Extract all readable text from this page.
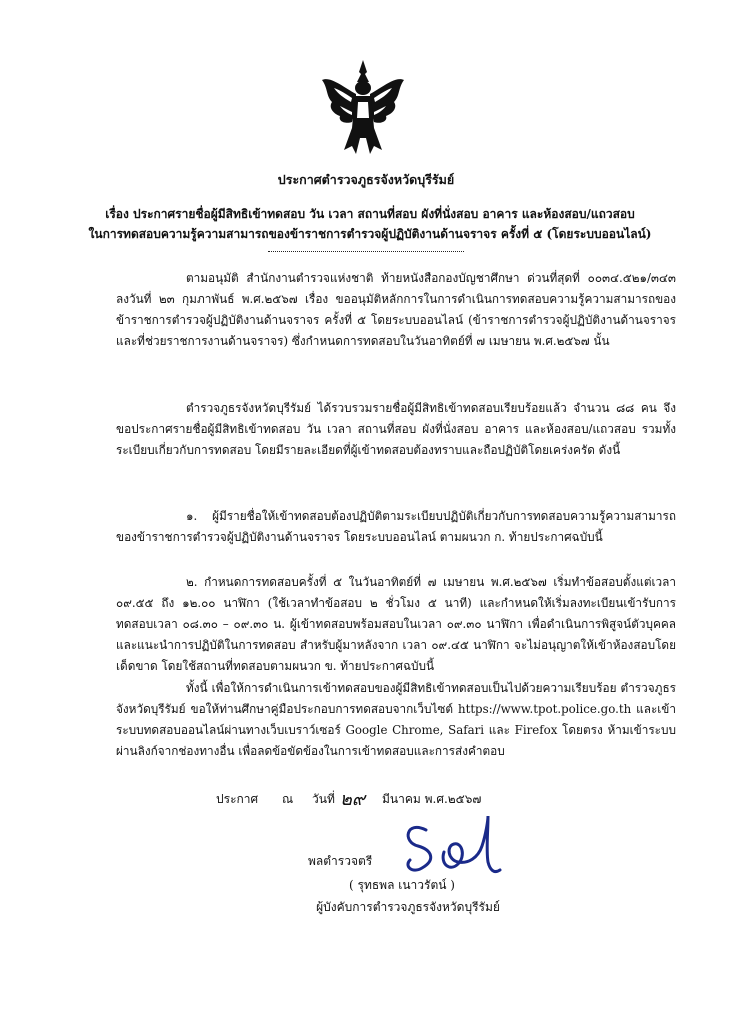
ประกาศตำรวจภูธรจังหวัดบุรีรัมย์
เรื่อง ประกาศรายชื่อผู้มีสิทธิเข้าทดสอบ วัน เวลา สถานที่สอบ ผังที่นั่งสอบ อาคาร และห้องสอบ/แถวสอบ
ในการทดสอบความรู้ความสามารถของข้าราชการตำรวจผู้ปฏิบัติงานด้านจราจร ครั้งที่ ๕ (โดยระบบออนไลน์)
ตามอนุมัติ สำนักงานตำรวจแห่งชาติ ท้ายหนังสือกองบัญชาศึกษา ด่วนที่สุดที่ ๐๐๓๔.๕๒๑/๓๔๓ ลงวันที่ ๒๓ กุมภาพันธ์ พ.ศ.๒๕๖๗ เรื่อง ขออนุมัติหลักการในการดำเนินการทดสอบความรู้ความสามารถของข้าราชการตำรวจผู้ปฏิบัติงานด้านจราจร ครั้งที่ ๕ โดยระบบออนไลน์ (ข้าราชการตำรวจผู้ปฏิบัติงานด้านจราจรและที่ช่วยราชการงานด้านจราจร) ซึ่งกำหนดการทดสอบในวันอาทิตย์ที่ ๗ เมษายน พ.ศ.๒๕๖๗ นั้น
ตำรวจภูธรจังหวัดบุรีรัมย์ ได้รวบรวมรายชื่อผู้มีสิทธิเข้าทดสอบเรียบร้อยแล้ว จำนวน ๘๘ คน จึงขอประกาศรายชื่อผู้มีสิทธิเข้าทดสอบ วัน เวลา สถานที่สอบ ผังที่นั่งสอบ อาคาร และห้องสอบ/แถวสอบ รวมทั้งระเบียบเกี่ยวกับการทดสอบ โดยมีรายละเอียดที่ผู้เข้าทดสอบต้องทราบและถือปฏิบัติโดยเคร่งครัด ดังนี้
๑. ผู้มีรายชื่อให้เข้าทดสอบต้องปฏิบัติตามระเบียบปฏิบัติเกี่ยวกับการทดสอบความรู้ความสามารถของข้าราชการตำรวจผู้ปฏิบัติงานด้านจราจร โดยระบบออนไลน์ ตามผนวก ก. ท้ายประกาศฉบับนี้
๒. กำหนดการทดสอบครั้งที่ ๕ ในวันอาทิตย์ที่ ๗ เมษายน พ.ศ.๒๕๖๗ เริ่มทำข้อสอบตั้งแต่เวลา ๐๙.๕๕ ถึง ๑๒.๐๐ นาฬิกา (ใช้เวลาทำข้อสอบ ๒ ชั่วโมง ๕ นาที) และกำหนดให้เริ่มลงทะเบียนเข้ารับการทดสอบเวลา ๐๘.๓๐ – ๐๙.๓๐ น. ผู้เข้าทดสอบพร้อมสอบในเวลา ๐๙.๓๐ นาฬิกา เพื่อดำเนินการพิสูจน์ตัวบุคคลและแนะนำการปฏิบัติในการทดสอบ สำหรับผู้มาหลังจาก เวลา ๐๙.๔๕ นาฬิกา จะไม่อนุญาตให้เข้าห้องสอบโดยเด็ดขาด โดยใช้สถานที่ทดสอบตามผนวก ข. ท้ายประกาศฉบับนี้
ทั้งนี้ เพื่อให้การดำเนินการเข้าทดสอบของผู้มีสิทธิเข้าทดสอบเป็นไปด้วยความเรียบร้อย ตำรวจภูธรจังหวัดบุรีรัมย์ ขอให้ท่านศึกษาคู่มือประกอบการทดสอบจากเว็บไซต์ https://www.tpot.police.go.th และเข้าระบบทดสอบออนไลน์ผ่านทางเว็บเบราว์เซอร์ Google Chrome, Safari และ Firefox โดยตรง ห้ามเข้าระบบผ่านลิงก์จากช่องทางอื่น เพื่อลดข้อขัดข้องในการเข้าทดสอบและการส่งคำตอบ
ประกาศ ณ วันที่ ๒๙ มีนาคม พ.ศ.๒๕๖๗
พลตำรวจตรี
( รุทธพล เนาวรัตน์ )
ผู้บังคับการตำรวจภูธรจังหวัดบุรีรัมย์
